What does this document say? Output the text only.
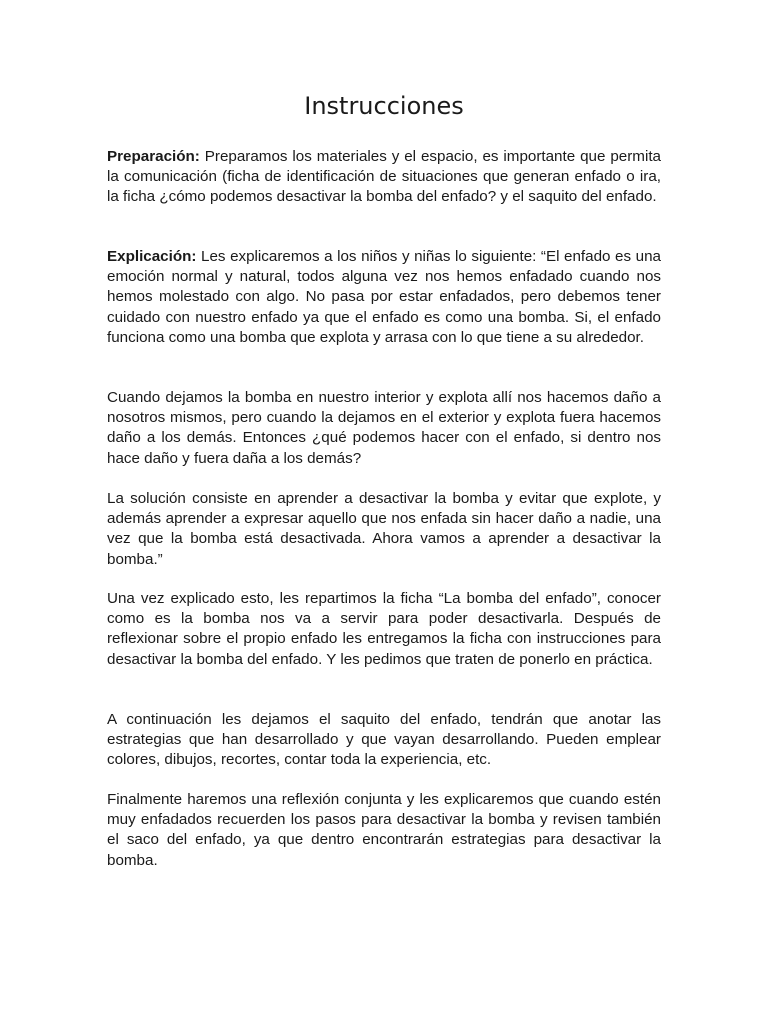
Instrucciones

Preparación: Preparamos los materiales y el espacio, es importante que permita la comunicación (ficha de identificación de situaciones que generan enfado o ira, la ficha ¿cómo podemos desactivar la bomba del enfado? y el saquito del enfado.

Explicación: Les explicaremos a los niños y niñas lo siguiente: “El enfado es una emoción normal y natural, todos alguna vez nos hemos enfadado cuando nos hemos molestado con algo. No pasa por estar enfadados, pero debemos tener cuidado con nuestro enfado ya que el enfado es como una bomba. Si, el enfado funciona como una bomba que explota y arrasa con lo que tiene a su alrededor.

Cuando dejamos la bomba en nuestro interior y explota allí nos hacemos daño a nosotros mismos, pero cuando la dejamos en el exterior y explota fuera hacemos daño a los demás. Entonces ¿qué podemos hacer con el enfado, si dentro nos hace daño y fuera daña a los demás?

La solución consiste en aprender a desactivar la bomba y evitar que explote, y además aprender a expresar aquello que nos enfada sin hacer daño a nadie, una vez que la bomba está desactivada. Ahora vamos a aprender a desactivar la bomba.”

Una vez explicado esto, les repartimos la ficha “La bomba del enfado”, conocer como es la bomba nos va a servir para poder desactivarla. Después de reflexionar sobre el propio enfado les entregamos la ficha con instrucciones para desactivar la bomba del enfado. Y les pedimos que traten de ponerlo en práctica.

A continuación les dejamos el saquito del enfado, tendrán que anotar las estrategias que han desarrollado y que vayan desarrollando. Pueden emplear colores, dibujos, recortes, contar toda la experiencia, etc.

Finalmente haremos una reflexión conjunta y les explicaremos que cuando estén muy enfadados recuerden los pasos para desactivar la bomba y revisen también el saco del enfado, ya que dentro encontrarán estrategias para desactivar la bomba.
